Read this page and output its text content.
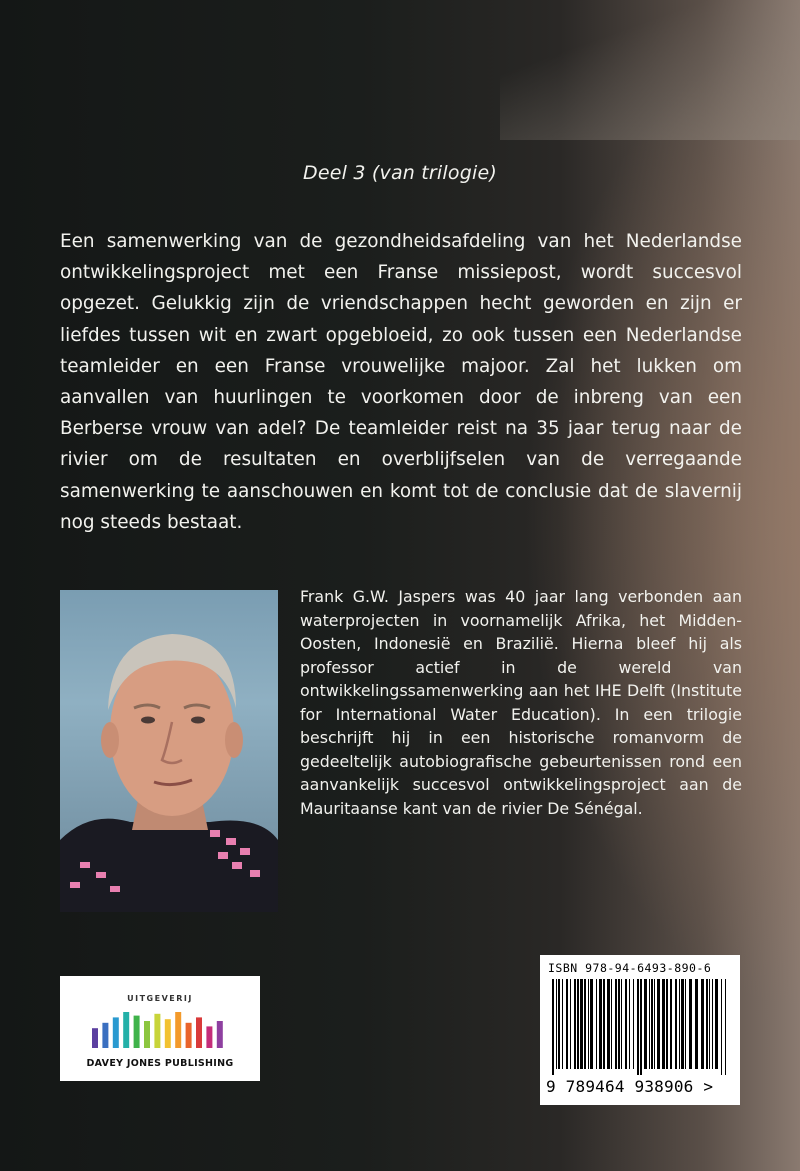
Deel 3 (van trilogie)

Een samenwerking van de gezondheidsafdeling van het Nederlandse ontwikkelingsproject met een Franse missiepost, wordt succesvol opgezet. Gelukkig zijn de vriendschappen hecht geworden en zijn er liefdes tussen wit en zwart opgebloeid, zo ook tussen een Nederlandse teamleider en een Franse vrouwelijke majoor. Zal het lukken om aanvallen van huurlingen te voorkomen door de inbreng van een Berberse vrouw van adel? De teamleider reist na 35 jaar terug naar de rivier om de resultaten en overblijfselen van de verregaande samenwerking te aanschouwen en komt tot de conclusie dat de slavernij nog steeds bestaat.

Frank G.W. Jaspers was 40 jaar lang verbonden aan waterprojecten in voornamelijk Afrika, het Midden-Oosten, Indonesië en Brazilië. Hierna bleef hij als professor actief in de wereld van ontwikkelingssamenwerking aan het IHE Delft (Institute for International Water Education). In een trilogie beschrijft hij in een historische romanvorm de gedeeltelijk autobiografische gebeurtenissen rond een aanvankelijk succesvol ontwikkelingsproject aan de Mauritaanse kant van de rivier De Sénégal.

UITGEVERIJ
DAVEY JONES PUBLISHING
ISBN 978-94-6493-890-6
9 789464 938906 >
